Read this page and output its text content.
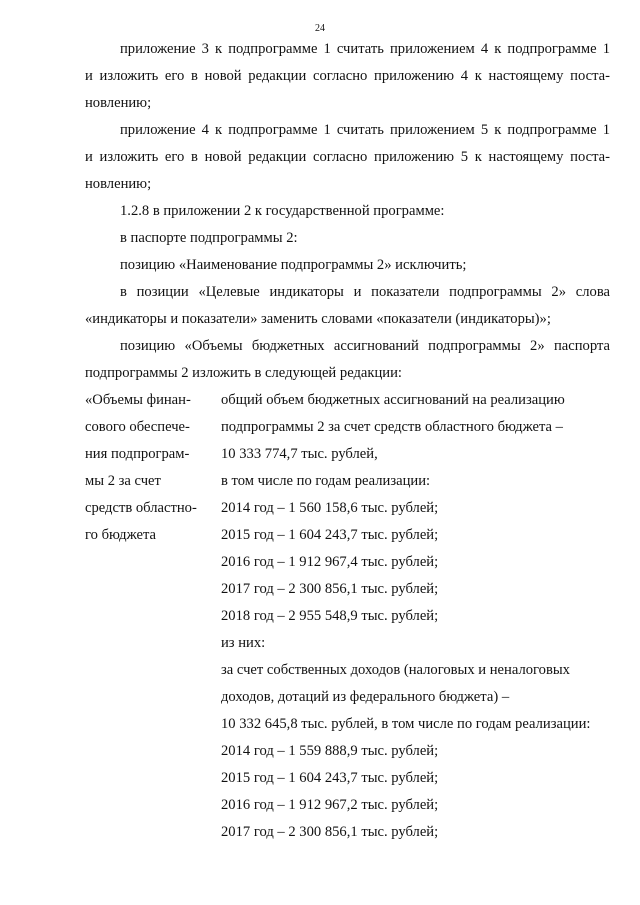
24
приложение 3 к подпрограмме 1 считать приложением 4 к подпрограмме 1
и изложить его в новой редакции согласно приложению 4 к настоящему поста-
новлению;
приложение 4 к подпрограмме 1 считать приложением 5 к подпрограмме 1
и изложить его в новой редакции согласно приложению 5 к настоящему поста-
новлению;
1.2.8 в приложении 2 к государственной программе:
в паспорте подпрограммы 2:
позицию «Наименование подпрограммы 2» исключить;
в позиции «Целевые индикаторы и показатели подпрограммы 2» слова
«индикаторы и показатели» заменить словами «показатели (индикаторы)»;
позицию «Объемы бюджетных ассигнований подпрограммы 2» паспорта
подпрограммы 2 изложить в следующей редакции:
«Объемы финан-
сового обеспече-
ния подпрограм-
мы 2 за счет
средств областно-
го бюджета
общий объем бюджетных ассигнований на реализацию
подпрограммы 2 за счет средств областного бюджета –
10 333 774,7 тыс. рублей,
в том числе по годам реализации:
2014 год – 1 560 158,6 тыс. рублей;
2015 год – 1 604 243,7 тыс. рублей;
2016 год – 1 912 967,4 тыс. рублей;
2017 год – 2 300 856,1 тыс. рублей;
2018 год – 2 955 548,9 тыс. рублей;
из них:
за счет собственных доходов (налоговых и неналоговых
доходов, дотаций из федерального бюджета) –
10 332 645,8 тыс. рублей, в том числе по годам реализации:
2014 год – 1 559 888,9 тыс. рублей;
2015 год – 1 604 243,7 тыс. рублей;
2016 год – 1 912 967,2 тыс. рублей;
2017 год – 2 300 856,1 тыс. рублей;
